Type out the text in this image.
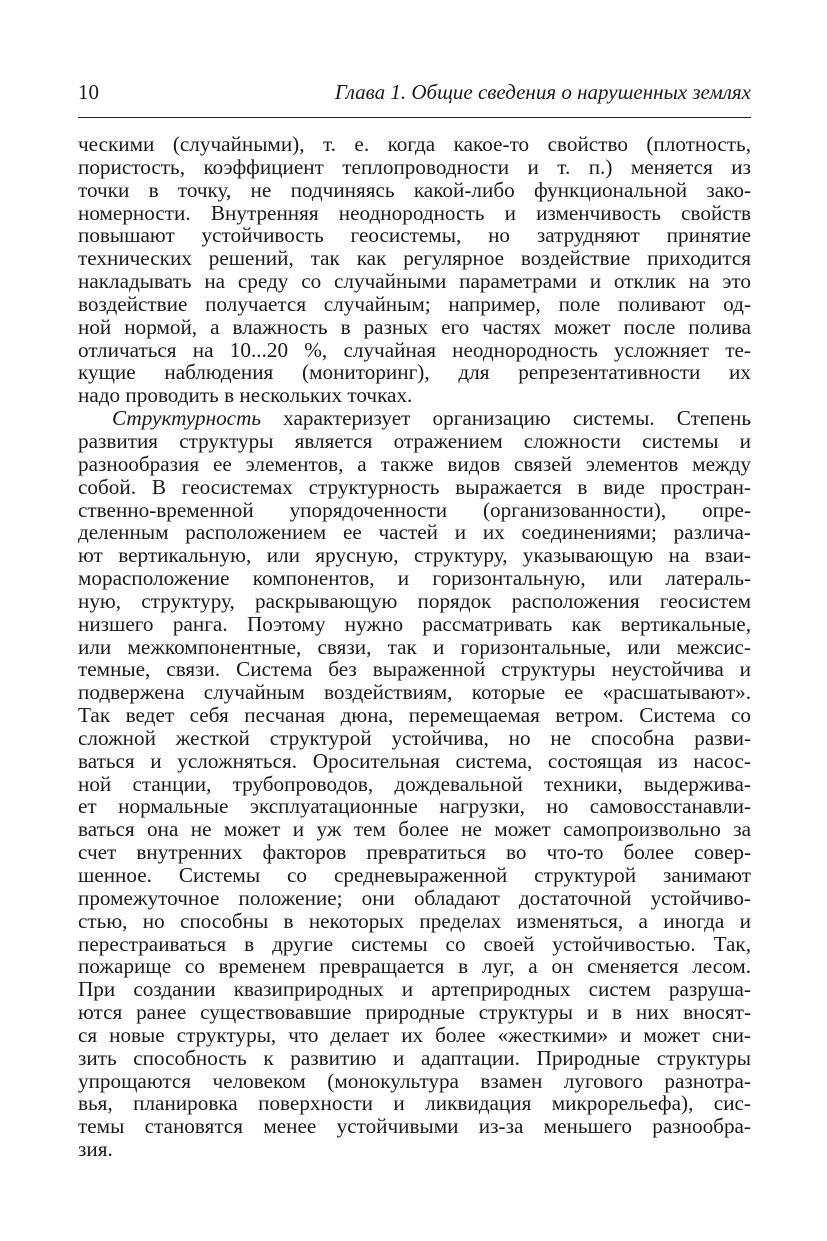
10	Глава 1. Общие сведения о нарушенных землях
ческими (случайными), т. е. когда какое-то свойство (плотность,
пористость, коэффициент теплопроводности и т. п.) меняется из
точки в точку, не подчиняясь какой-либо функциональной зако-
номерности. Внутренняя неоднородность и изменчивость свойств
повышают устойчивость геосистемы, но затрудняют принятие
технических решений, так как регулярное воздействие приходится
накладывать на среду со случайными параметрами и отклик на это
воздействие получается случайным; например, поле поливают од-
ной нормой, а влажность в разных его частях может после полива
отличаться на 10...20 %, случайная неоднородность усложняет те-
кущие наблюдения (мониторинг), для репрезентативности их
надо проводить в нескольких точках.
Структурность характеризует организацию системы. Степень
развития структуры является отражением сложности системы и
разнообразия ее элементов, а также видов связей элементов между
собой. В геосистемах структурность выражается в виде простран-
ственно-временной упорядоченности (организованности), опре-
деленным расположением ее частей и их соединениями; различа-
ют вертикальную, или ярусную, структуру, указывающую на взаи-
морасположение компонентов, и горизонтальную, или латераль-
ную, структуру, раскрывающую порядок расположения геосистем
низшего ранга. Поэтому нужно рассматривать как вертикальные,
или межкомпонентные, связи, так и горизонтальные, или межсис-
темные, связи. Система без выраженной структуры неустойчива и
подвержена случайным воздействиям, которые ее «расшатывают».
Так ведет себя песчаная дюна, перемещаемая ветром. Система со
сложной жесткой структурой устойчива, но не способна разви-
ваться и усложняться. Оросительная система, состоящая из насос-
ной станции, трубопроводов, дождевальной техники, выдержива-
ет нормальные эксплуатационные нагрузки, но самовосстанавли-
ваться она не может и уж тем более не может самопроизвольно за
счет внутренних факторов превратиться во что-то более совер-
шенное. Системы со средневыраженной структурой занимают
промежуточное положение; они обладают достаточной устойчиво-
стью, но способны в некоторых пределах изменяться, а иногда и
перестраиваться в другие системы со своей устойчивостью. Так,
пожарище со временем превращается в луг, а он сменяется лесом.
При создании квазиприродных и артеприродных систем разруша-
ются ранее существовавшие природные структуры и в них вносят-
ся новые структуры, что делает их более «жесткими» и может сни-
зить способность к развитию и адаптации. Природные структуры
упрощаются человеком (монокультура взамен лугового разнотра-
вья, планировка поверхности и ликвидация микрорельефа), сис-
темы становятся менее устойчивыми из-за меньшего разнообра-
зия.
